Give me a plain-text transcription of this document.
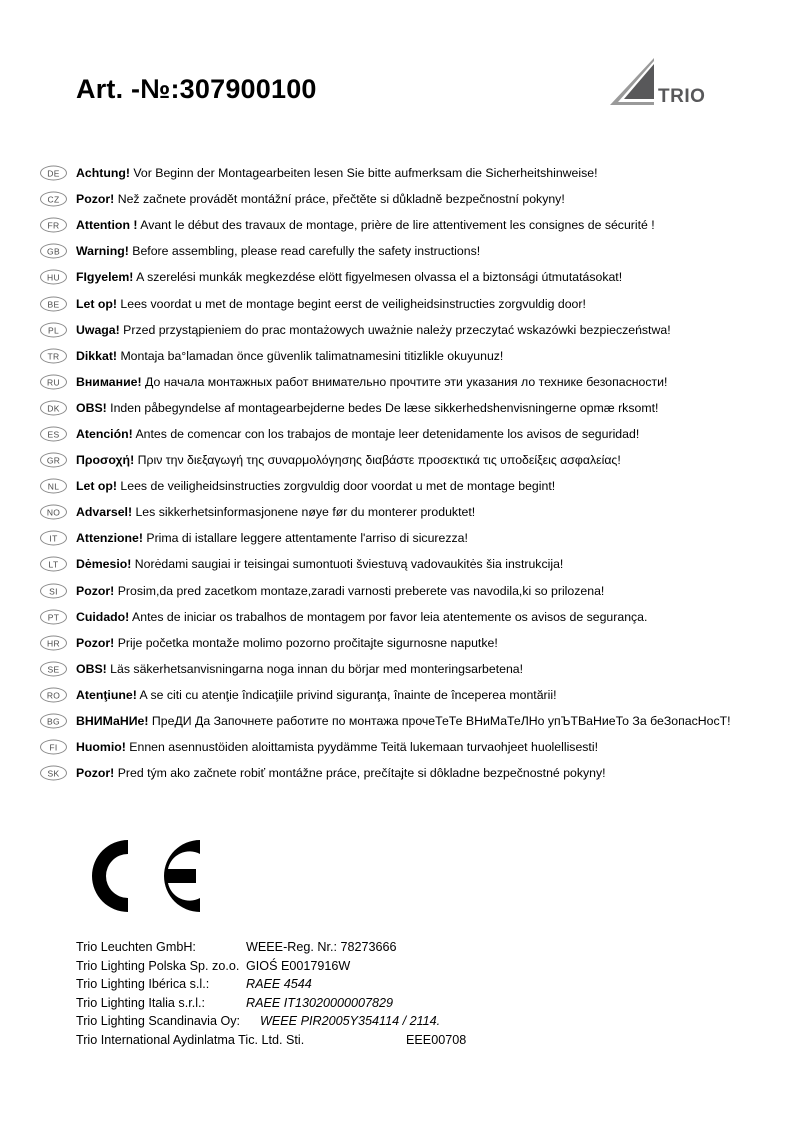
Art. -№:307900100	TRIO
DE	Achtung! Vor Beginn der Montagearbeiten lesen Sie bitte aufmerksam die Sicherheitshinweise!
CZ	Pozor! Než začnete provádět montážní práce, přečtěte si důkladně bezpečnostní pokyny!
FR	Attention ! Avant le début des travaux de montage, prière de lire attentivement les consignes de sécurité !
GB	Warning! Before assembling, please read carefully the safety instructions!
HU	FIgyelem! A szerelési munkák megkezdése elött figyelmesen olvassa el a biztonsági útmutatásokat!
BE	Let op! Lees voordat u met de montage begint eerst de veiligheidsinstructies zorgvuldig door!
PL	Uwaga! Przed przystąpieniem do prac montażowych uważnie należy przeczytać wskazówki bezpieczeństwa!
TR	Dikkat! Montaja ba°lamadan önce güvenlik talimatnamesini titizlikle okuyunuz!
RU	Внимание! До начала монтажных работ внимательно прочтите эти указания ло технике безопасности!
DK	OBS! Inden påbegyndelse af montagearbejderne bedes De læse sikkerhedshenvisningerne opmæ rksomt!
ES	Atención! Antes de comencar con los trabajos de montaje leer detenidamente los avisos de seguridad!
GR	Προσοχή! Πριν την διεξαγωγή της συναρμολόγησης διαβάστε προσεκτικά τις υποδείξεις ασφαλείας!
NL	Let op! Lees de veiligheidsinstructies zorgvuldig door voordat u met de montage begint!
NO	Advarsel! Les sikkerhetsinformasjonene nøye før du monterer produktet!
IT	Attenzione! Prima di istallare leggere attentamente l'arriso di sicurezza!
LT	Dėmesio! Norėdami saugiai ir teisingai sumontuoti šviestuvą vadovaukitės šia instrukcija!
SI	Pozor! Prosim,da pred zacetkom montaze,zaradi varnosti preberete vas navodila,ki so prilozena!
PT	Cuidado! Antes de iniciar os trabalhos de montagem por favor leia atentemente os avisos de segurança.
HR	Pozor! Prije početka montaže molimo pozorno pročitajte sigurnosne naputke!
SE	OBS! Läs säkerhetsanvisningarna noga innan du börjar med monteringsarbetena!
RO	Atenţiune! A se citi cu atenţie îndicaţiile privind siguranţa, înainte de începerea montării!
BG	ВНИМаНИе! ПреДИ Да Започнете работите по монтажа прочеТеТе ВНиМаТеЛНо упЪТВаНиеТо За беЗопасНосТ!
FI	Huomio! Ennen asennustöiden aloittamista pyydämme Teitä lukemaan turvaohjeet huolellisesti!
SK	Pozor! Pred tým ako začnete robiť montážne práce, prečítajte si dôkladne bezpečnostné pokyny!
Trio Leuchten GmbH:	WEEE-Reg. Nr.: 78273666
Trio Lighting Polska Sp. zo.o. GIOŚ E0017916W
Trio Lighting Ibérica s.l.:	RAEE 4544
Trio Lighting Italia s.r.l.:	RAEE IT13020000007829
Trio Lighting Scandinavia Oy: WEEE PIR2005Y354114 / 2114.
Trio International Aydinlatma Tic. Ltd. Sti.	EEE00708
